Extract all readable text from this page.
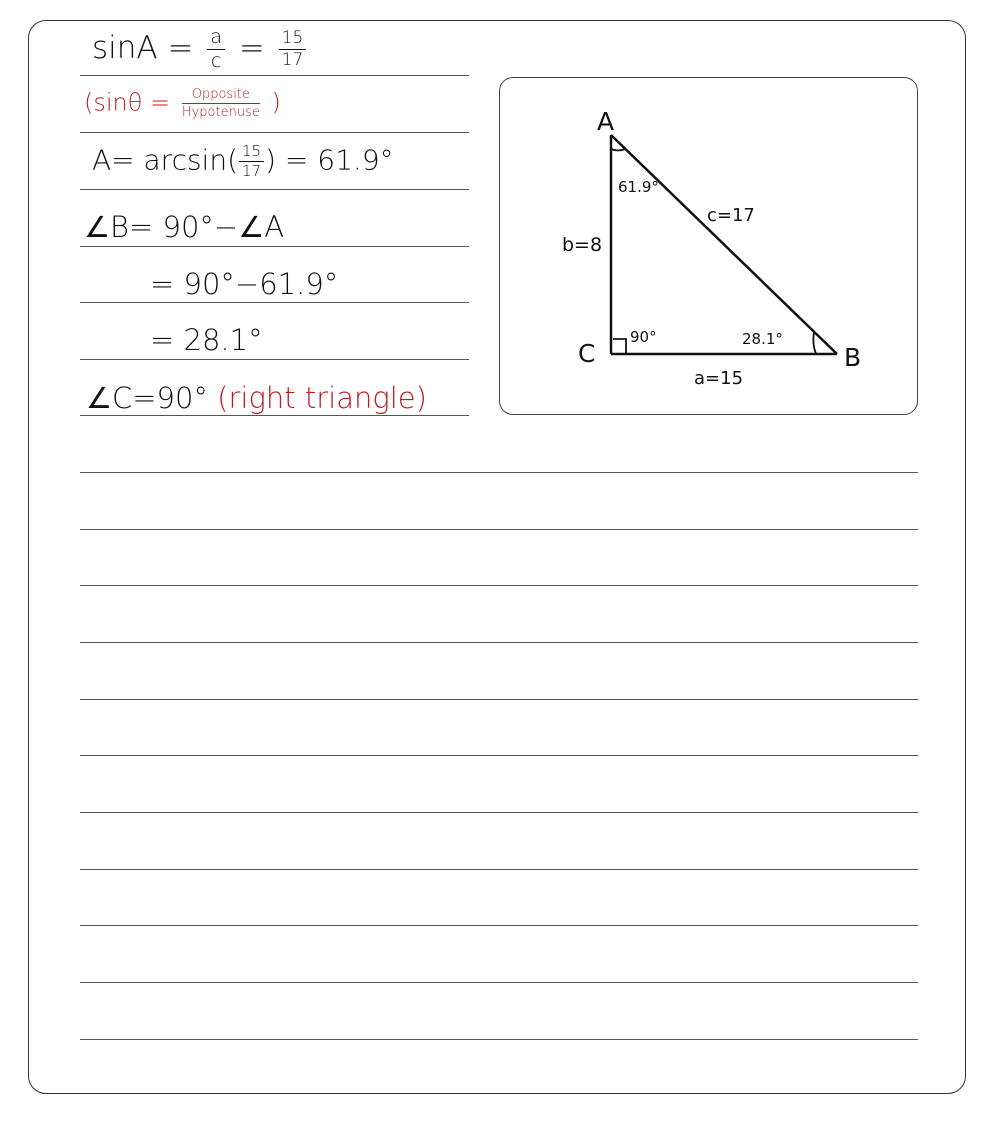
$\sin A = \frac{a}{c} = \frac{15}{17}$
($\sin\theta = \frac{\text{Opposite}}{\text{Hypotenuse}}$ )
$A= \arcsin( \frac{15}{17}$ ) = 61.9°
∠B= 90°−∠A
= 90°−61.9°
= 28.1°
∠C=90° (right triangle)
A
B
C
c=17
b=8
a=15
61.9°
28.1°
90°
